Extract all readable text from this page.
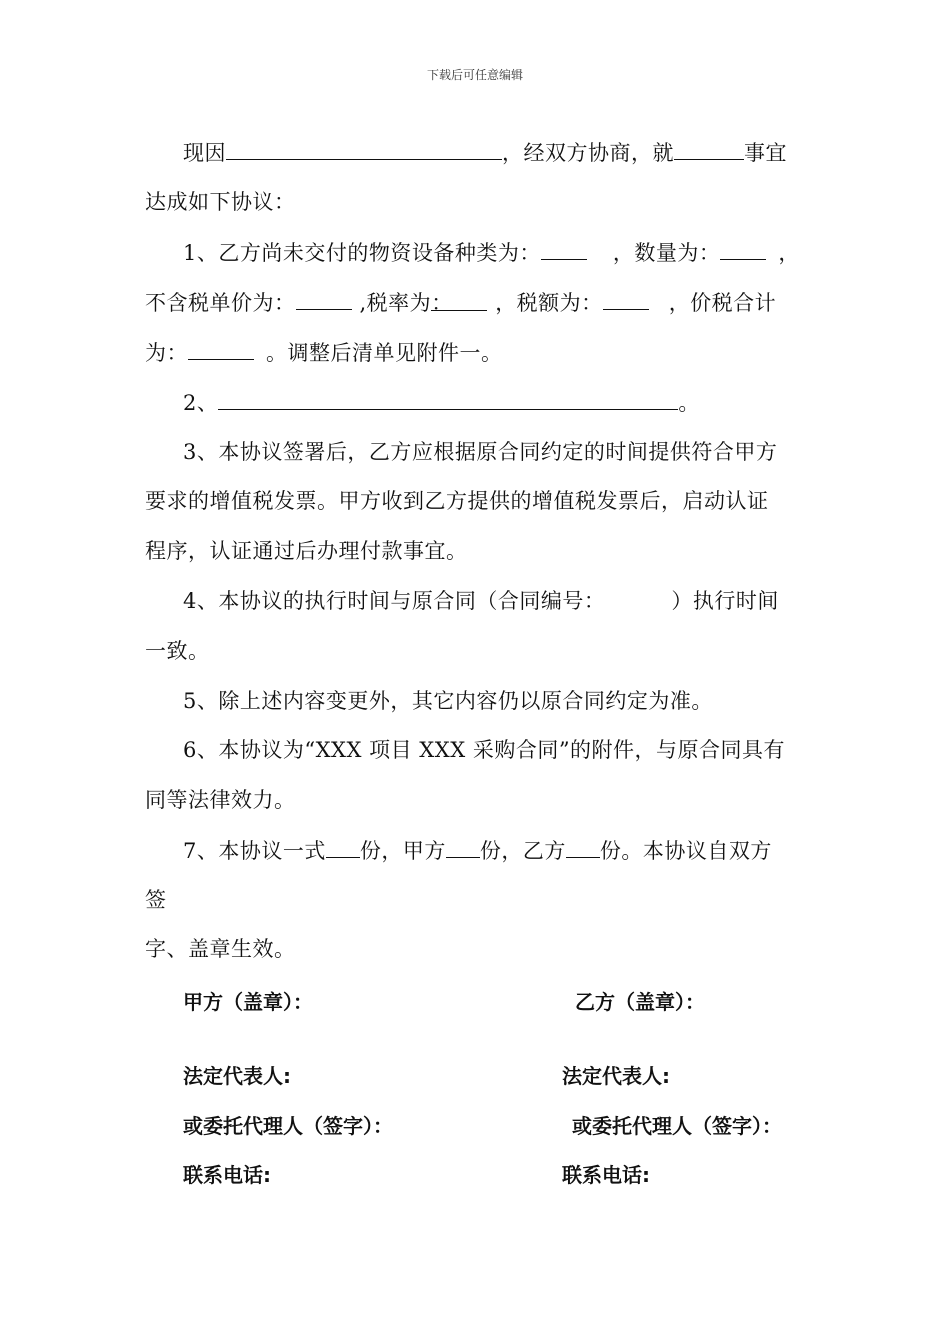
下载后可任意编辑
现因	，经双方协商，就	事宜
达成如下协议：
1、乙方尚未交付的物资设备种类为：	，数量为：	，
不含税单价为：	,税率为： ，税额为：	，价税合计
为：	。调整后清单见附件一。
2、	。
3、本协议签署后，乙方应根据原合同约定的时间提供符合甲方
要求的增值税发票。甲方收到乙方提供的增值税发票后，启动认证
程序，认证通过后办理付款事宜。
4、本协议的执行时间与原合同（合同编号：	）执行时间
一致。
5、除上述内容变更外，其它内容仍以原合同约定为准。
6、本协议为“XXX 项目 XXX 采购合同”的附件，与原合同具有
同等法律效力。
7、本协议一式 份，甲方 份，乙方 份。本协议自双方
签
字、盖章生效。
甲方（盖章）：	乙方（盖章）：
法定代表人:	法定代表人:
或委托代理人（签字）：	或委托代理人（签字）：
联系电话:	联系电话:
